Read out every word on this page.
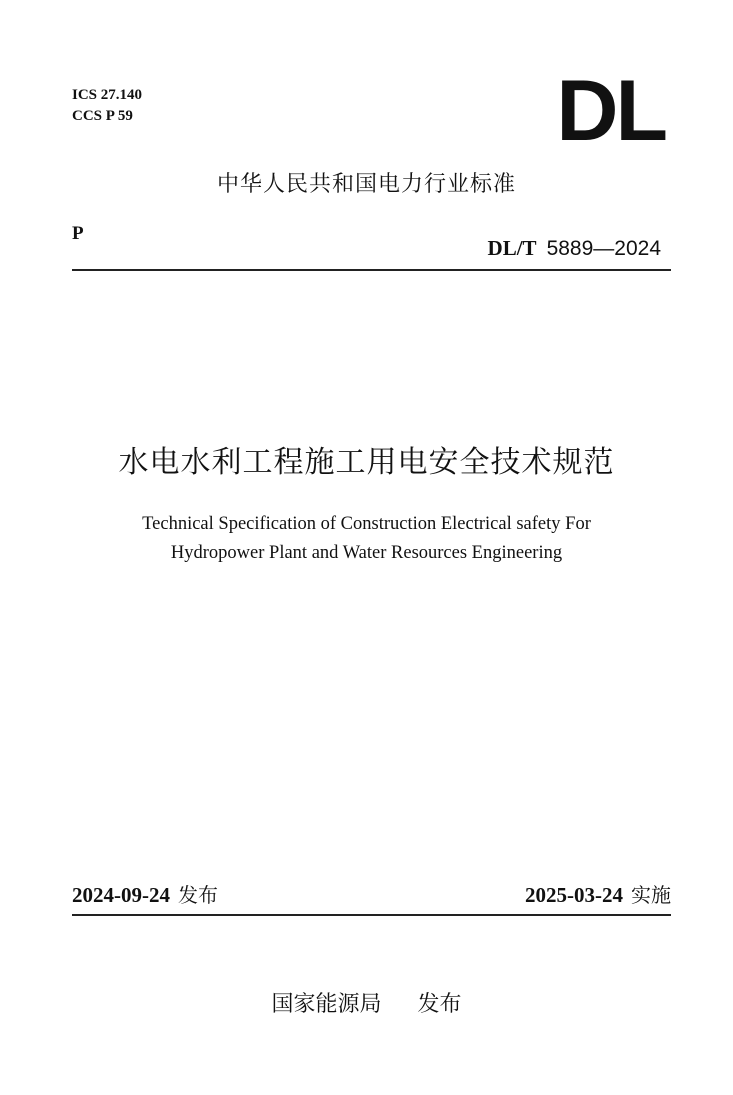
ICS 27.140
CCS P 59	DL
中华人民共和国电力行业标准
P
DL/T 5889—2024
水电水利工程施工用电安全技术规范
Technical Specification of Construction Electrical safety For
Hydropower Plant and Water Resources Engineering
2024-09-24 发布	2025-03-24 实施
国家能源局 发布
